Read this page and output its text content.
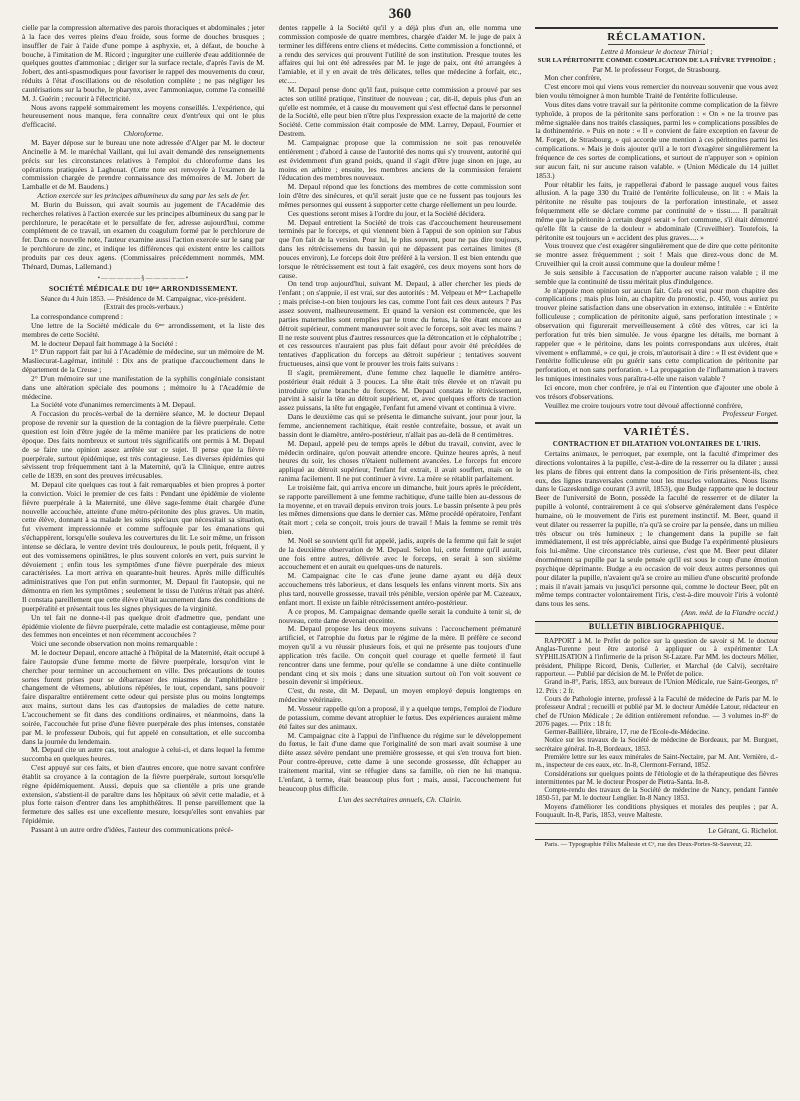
360

cielle par la compression alternative des parois thoraciques et abdominales ; jeter à la face des verres pleins d'eau froide, sous forme de douches brusques ; insuffler de l'air à l'aide d'une pompe à asphyxie, et, à défaut, de bouche à bouche, à l'imitation de M. Ricord ; ingurgiter une cuillerée d'eau additionnée de quelques gouttes d'ammoniac ; diriger sur la surface rectale, d'après l'avis de M. Jobert, des anti-spasmodiques pour favoriser le rappel des mouvements du cœur, réduits à l'état d'oscillations ou de résolution complète ; ne pas négliger les cautérisations sur la bouche, le pharynx, avec l'ammoniaque, comme l'a conseillé M. J. Guérin ; recourir à l'électricité.

Nous avons rappelé sommairement les moyens conseillés. L'expérience, qui heureusement nous manque, fera connaître ceux d'entr'eux qui ont le plus d'efficacité.

Chloroforme.

M. Bayer dépose sur le bureau une note adressée d'Alger par M. le docteur Ancinelle à M. le maréchal Vaillant, qui lui avait demandé des renseignements précis sur les circonstances relatives à l'emploi du chloroforme dans les opérations pratiquées à Laghouat. (Cette note est renvoyée à l'examen de la commission chargée de prendre connaissance des mémoires de M. Jobert de Lamballe et de M. Baudens.)

Action exercée sur les principes albumineux du sang par les sels de fer.

M. Burin du Buisson, qui avait soumis au jugement de l'Académie des recherches relatives à l'action exercée sur les principes albumineux du sang par le perchlorure, le peracétate et le persulfate de fer, adresse aujourd'hui, comme complément de ce travail, un examen du coagulum formé par le perchlorure de fer. Dans ce nouvelle note, l'auteur examine aussi l'action exercée sur le sang par le perchlorure de zinc, et indique les différences qui existent entre les caillots produits par ces deux agens. (Commissaires précédemment nommés, MM. Thénard, Dumas, Lallemand.)

•—————§—————•
SOCIÉTÉ MÉDICALE DU 10ᵐᵉ ARRONDISSEMENT.

Séance du 4 Juin 1853. — Présidence de M. Campaignac, vice-président.

(Extrait des procès-verbaux.)

La correspondance comprend :

Une lettre de la Société médicale du 6ᵐᵉ arrondissement, et la liste des membres de cette Société.

M. le docteur Depaul fait hommage à la Société :

1° D'un rapport fait par lui à l'Académie de médecine, sur un mémoire de M. Masliecurat-Lagémar, intitulé : Dix ans de pratique d'accouchement dans le département de la Creuse ;

2° D'un mémoire sur une manifestation de la syphilis congéniale consistant dans une altération spéciale des poumons ; mémoire lu à l'Académie de médecine.

La Société vote d'unanimes remerciments à M. Depaul.

A l'occasion du procès-verbal de la dernière séance, M. le docteur Depaul propose de revenir sur la question de la contagion de la fièvre puerpérale. Cette question est loin d'être jugée de la même manière par les praticiens de notre époque. Des faits nombreux et surtout très significatifs ont permis à M. Depaul de se faire une opinion assez arrêtée sur ce sujet. Il pense que la fièvre puerpérale, surtout épidémique, est très contagieuse. Les diverses épidémies qui sévissent trop fréquemment tant à la Maternité, qu'à la Clinique, entre autres celle de 1839, en sont des preuves irrécusables.

M. Depaul cite quelques cas tout à fait remarquables et bien propres à porter la conviction. Voici le premier de ces faits : Pendant une épidémie de violente fièvre puerpérale à la Maternité, une élève sage-femme était chargée d'une nouvelle accouchée, atteinte d'une métro-péritonite des plus graves. Un matin, cette élève, donnant à sa malade les soins spéciaux que nécessitait sa situation, fut vivement impressionnée et comme suffoquée par les émanations qui s'échappèrent, lorsqu'elle souleva les couvertures du lit. Le soir même, un frisson intense se déclara, le ventre devint très douloureux, le pouls petit, fréquent, il y eut des vomissemens opiniâtres, le plus souvent colorés en vert, puis survint le dévoiement ; enfin tous les symptômes d'une fièvre puerpérale des mieux caractérisées. La mort arriva en quarante-huit heures. Après mille difficultés administratives que l'on put enfin surmonter, M. Depaul fit l'autopsie, qui ne démontra en rien les symptômes ; seulement le tissu de l'utérus n'était pas altéré. Il constata pareillement que cette élève n'était aucunement dans des conditions de puerpéralité et présentait tous les signes physiques de la virginité.

Un tel fait ne donne-t-il pas quelque droit d'admettre que, pendant une épidémie violente de fièvre puerpérale, cette maladie est contagieuse, même pour des femmes non enceintes et non récemment accouchées ?

Voici une seconde observation non moins remarquable :

M. le docteur Depaul, encore attaché à l'hôpital de la Maternité, était occupé à faire l'autopsie d'une femme morte de fièvre puerpérale, lorsqu'on vint le chercher pour terminer un accouchement en ville. Des précautions de toutes sortes furent prises pour se débarrasser des miasmes de l'amphithéâtre : changement de vêtemens, ablutions répétées, le tout, cependant, sans pouvoir faire disparaître entièrement cette odeur qui persiste plus ou moins longtemps aux mains, surtout dans les cas d'autopsies de maladies de cette nature. L'accouchement se fit dans des conditions ordinaires, et néanmoins, dans la soirée, l'accouchée fut prise d'une fièvre puerpérale des plus intenses, constatée par M. le professeur Dubois, qui fut appelé en consultation, et elle succomba dans la journée du lendemain.

M. Depaul cite un autre cas, tout analogue à celui-ci, et dans lequel la femme succomba en quelques heures.

C'est appuyé sur ces faits, et bien d'autres encore, que notre savant confrère établit sa croyance à la contagion de la fièvre puerpérale, surtout lorsqu'elle règne épidémiquement. Aussi, depuis que sa clientèle a pris une grande extension, s'abstient-il de paraître dans les hôpitaux où sévit cette maladie, et à plus forte raison d'entrer dans les amphithéâtres. Il pense pareillement que la fermeture des salles est une excellente mesure, lorsqu'elles sont envahies par l'épidémie.

Passant à un autre ordre d'idées, l'auteur des communications précé-

dentes rappelle à la Société qu'il y a déjà plus d'un an, elle nomma une commission composée de quatre membres, chargée d'aider M. le juge de paix à terminer les différens entre cliens et médecins. Cette commission a fonctionné, et a rendu des services qui prouvent l'utilité de son institution. Presque toutes les affaires qui lui ont été adressées par M. le juge de paix, ont été arrangées à l'amiable, et il y en avait de très délicates, telles que médecine à forfait, etc., etc.....

M. Depaul pense donc qu'il faut, puisque cette commission a prouvé par ses actes son utilité pratique, l'instituer de nouveau ; car, dit-il, depuis plus d'un an qu'elle est nommée, et à cause du mouvement qui s'est effectué dans le personnel de la Société, elle peut bien n'être plus l'expression exacte de la majorité de cette Société. Cette commission était composée de MM. Larrey, Depaul, Fournier et Destrem.

M. Campaignac propose que la commission ne soit pas renouvelée entièrement ; d'abord à cause de l'autorité des noms qui s'y trouvent, autorité qui est évidemment d'un grand poids, quand il s'agit d'être juge sinon en juge, au moins en arbitre ; ensuite, les membres anciens de la commission feraient l'éducation des membres nouveaux.

M. Depaul répond que les fonctions des membres de cette commission sont loin d'être des sinécures, et qu'il serait juste que ce ne fussent pas toujours les mêmes personnes qui eussent à supporter cette charge réellement un peu lourde.

Ces questions seront mises à l'ordre du jour, et la Société décidera.

M. Depaul entretient la Société de trois cas d'accouchement heureusement terminés par le forceps, et qui viennent bien à l'appui de son opinion sur l'abus que l'on fait de la version. Pour lui, le plus souvent, pour ne pas dire toujours, dans les rétrécissemens du bassin qui ne dépassent pas certaines limites (8 pouces environ), Le forceps doit être préféré à la version. Il est bien entendu que lorsque le rétrécissement est tout à fait exagéré, ces deux moyens sont hors de cause.

On tend trop aujourd'hui, suivant M. Depaul, à aller chercher les pieds de l'enfant ; on s'appuie, il est vrai, sur des autorités : M. Velpeau et Mᵐᵉ Lachapelle ; mais précise-t-on bien toujours les cas, comme l'ont fait ces deux auteurs ? Pas assez souvent, malheureusement. Et quand la version est commencée, que les parties maternelles sont remplies par le tronc du fœtus, la tête étant encore au détroit supérieur, comment manœuvrer soit avec le forceps, soit avec les mains ? Il ne reste souvent plus d'autres ressources que la détroncation et le céphalotribe ; et ces ressources n'auraient pas plus fait défaut pour avoir été précédées de tentatives d'application du forceps au détroit supérieur ; tentatives souvent fructueuses, ainsi que vont le prouver les trois faits suivans :

Il s'agit, premièrement, d'une femme chez laquelle le diamètre antéro-postérieur était réduit à 3 pouces. La tête était très élevée et on n'avait pu introduire qu'une branche du forceps. M. Depaul constata le rétrécissement, parvint à saisir la tête au détroit supérieur, et, avec quelques efforts de traction assez puissans, la tête fut engagée, l'enfant fut amené vivant et continua à vivre.

Dans le deuxième cas qui se présenta le dimanche suivant, jour pour jour, la femme, anciennement rachitique, était restée contrefaite, bossue, et avait un bassin dont le diamètre, antéro-postérieur, n'allait pas au-delà de 8 centimètres.

M. Depaul, appelé peu de temps après le début du travail, convint, avec le médecin ordinaire, qu'on pouvait attendre encore. Quinze heures après, à neuf heures du soir, les choses n'étaient nullement avancées. Le forceps fut encore appliqué au détroit supérieur, l'enfant fut extrait, il avait souffert, mais on le ranima facilement. Il ne put continuer à vivre. La mère se rétablit parfaitement.

Le troisième fait, qui arriva encore un dimanche, huit jours après le précédent, se rapporte pareillement à une femme rachitique, d'une taille bien au-dessous de la moyenne, et en travail depuis environ trois jours. Le bassin présente à peu près les mêmes dimensions que dans le dernier cas. Même procédé opératoire, l'enfant était mort ; cela se conçoit, trois jours de travail ! Mais la femme se remit très bien.

M. Noël se souvient qu'il fut appelé, jadis, auprès de la femme qui fait le sujet de la deuxième observation de M. Depaul. Selon lui, cette femme qu'il aurait, une fois entre autres, délivrée avec le forceps, en serait à son sixième accouchement et en aurait eu quelques-uns de naturels.

M. Campaignac cite le cas d'une jeune dame ayant eu déjà deux accouchemens très laborieux, et dans lesquels les enfans vinrent morts. Six ans plus tard, nouvelle grossesse, travail très pénible, version opérée par M. Cazeaux, enfant mort. Il existe un faible rétrécissement antéro-postérieur.

A ce propos, M. Campaignac demande quelle serait la conduite à tenir si, de nouveau, cette dame devenait enceinte.

M. Depaul propose les deux moyens suivans : l'accouchement prématuré artificiel, et l'atrophie du fœtus par le régime de la mère. Il préfère ce second moyen qu'il a vu réussir plusieurs fois, et qui ne présente pas toujours d'une application très facile. On conçoit quel courage et quelle fermeté il faut rencontrer dans une femme, pour qu'elle se condamne à une diète continuelle pendant cinq et six mois ; dans une situation surtout où l'on voit souvent ce besoin devenir si impérieux.

C'est, du reste, dit M. Depaul, un moyen employé depuis longtemps en médecine vétérinaire.

M. Vosseur rappelle qu'on a proposé, il y a quelque temps, l'emploi de l'iodure de potassium, comme devant atrophier le fœtus. Des expériences auraient même été faites sur des animaux.

M. Campaignac cite à l'appui de l'influence du régime sur le développement du fœtus, le fait d'une dame que l'originalité de son mari avait soumise à une diète assez sévère pendant une première grossesse, et qui s'en trouva fort bien. Pour contre-épreuve, cette dame à une seconde grossesse, dût échapper au traitement marital, vint se réfugier dans sa famille, où rien ne lui manqua. L'enfant, à terme, était beaucoup plus fort ; mais, aussi, l'accouchement fut beaucoup plus difficile.

L'un des secrétaires annuels, Ch. Clairin.

RÉCLAMATION.

Lettre à Monsieur le docteur Thirial ;

SUR LA PÉRITONITE COMME COMPLICATION DE LA FIÈVRE TYPHOÏDE ;

Par M. le professeur Forget, de Strasbourg.

Mon cher confrère,

C'est encore moi qui viens vous remercier du nouveau souvenir que vous avez bien voulu témoigner à mon humble Traité de l'entérite folliculeuse.

Vous dites dans votre travail sur la péritonite comme complication de la fièvre typhoïde, à propos de la péritonite sans perforation : « On » ne la trouve pas même signalée dans nos traités classiques, parmi les » complications possibles de la dothinentérie. » Puis en note : « Il » convient de faire exception en faveur de M. Forget, de Strasbourg, » qui accorde une mention à ces péritonites parmi les complications. » Mais je dois ajouter qu'il a le tort d'exagérer singulièrement la fréquence de ces sortes de complications, et surtout de n'appuyer son » opinion sur aucun fait, ni sur aucune raison valable. » (Union Médicale du 14 juillet 1853.)

Pour rétablir les faits, je rappellerai d'abord le passage auquel vous faites allusion. A la page 330 du Traité de l'entérite folliculeuse, on lit : « Mais la péritonite ne résulte pas toujours de la perforation intestinale, et assez fréquemment elle se déclare comme par continuité de » tissu..... Il paraîtrait même que la péritonite à certain degré serait » fort commune, s'il était démontré qu'elle fût la cause de la douleur » abdominale (Cruveilhier). Toutefois, la péritonite est toujours un » accident des plus graves..... »

Vous trouvez que c'est exagérer singulièrement que de dire que cette péritonite se montre assez fréquemment ; soit ! Mais que direz-vous donc de M. Cruveilhier qui la croit aussi commune que la douleur même !

Je suis sensible à l'accusation de n'apporter aucune raison valable ; il me semble que la continuité de tissu méritait plus d'indulgence.

Je n'appuie mon opinion sur aucun fait. Cela est vrai pour mon chapitre des complications ; mais plus loin, au chapitre du pronostic, p. 450, vous auriez pu trouver pleine satisfaction dans une observation in extenso, intitulée : « Entérite folliculeuse ; complication de péritonite aiguë, sans perforation intestinale ; » observation qui figurerait merveilleusement à côté des vôtres, car ici la perforation fut très bien simulée. Je vous épargne les détails, me bornant à rappeler que « le péritoine, dans les points correspondans aux ulcères, était vivement » enflammé, » ce qui, je crois, m'autorisait à dire : « Il est évident que » l'entérite folliculeuse eût pu guérir sans cette complication de péritonite par perforation, et non sans perforation. » La propagation de l'inflammation à travers les tuniques intestinales vous paraîtra-t-elle une raison valable ?

Ici encore, mon cher confrère, je n'ai eu l'intention que d'ajouter une obole à vos trésors d'observations.

Veuillez me croire toujours votre tout dévoué affectionné confrère,

Professeur Forget.

VARIÉTÉS.
CONTRACTION ET DILATATION VOLONTAIRES DE L'IRIS.

Certains animaux, le perroquet, par exemple, ont la faculté d'imprimer des directions volontaires à la pupille, c'est-à-dire de la resserrer ou la dilater ; aussi les plans de fibres qui entrent dans la composition de l'iris présentent-ils, chez eux, des lignes transversales comme tout les muscles volontaires. Nous lisons dans le Gazeskundige courant (3 avril, 1853), que Budge rapporte que le docteur Beer de l'université de Bonn, possède la faculté de resserrer et de dilater la pupille à volonté, contrairement à ce qui s'observe généralement dans l'espèce humaine, où le mouvement de l'iris est purement instinctif. M. Beer, quand il veut dilater ou resserrer la pupille, n'a qu'à se croire par la pensée, dans un milieu très obscur ou très lumineux ; le changement dans la pupille se fait immédiatement, il est très appréciable, ainsi que Budge l'a expérimenté plusieurs fois lui-même. Une circonstance très curieuse, c'est que M. Beer peut dilater énormément sa pupille par la seule pensée qu'il est sous le coup d'une émotion psychique déprimante. Budge a eu occasion de voir deux autres personnes qui pour dilater la pupille, n'avaient qu'à se croire au milieu d'une obscurité profonde ; mais il n'avait jamais vu jusqu'ici personne qui, comme le docteur Beer, pût en même temps contracter volontairement l'iris, c'est-à-dire mouvoir l'iris à volonté dans tous les sens.

(Ann. méd. de la Flandre occid.)

BULLETIN BIBLIOGRAPHIQUE.

RAPPORT à M. le Préfet de police sur la question de savoir si M. le docteur Anglas-Turenne peut être autorisé à appliquer ou à expérimenter LA SYPHILISATION à l'infirmerie de la prison St-Lazare. Par MM. les docteurs Mélier, président, Philippe Ricord, Denis, Cullerier, et Marchal (de Calvi), secrétaire rapporteur. — Publié par décision de M. le Préfet de police.

Grand in-8°, Paris, 1853, aux bureaux de l'Union Médicale, rue Saint-Georges, n° 12. Prix : 2 fr.

Cours de Pathologie interne, professé à la Faculté de médecine de Paris par M. le professeur Andral ; recueilli et publié par M. le docteur Amédée Latour, rédacteur en chef de l'Union Médicale ; 2e édition entièrement refondue. — 3 volumes in-8° de 2076 pages. — Prix : 18 fr.

Germer-Baillière, libraire, 17, rue de l'Ecole-de-Médecine.

Notice sur les travaux de la Société de médecine de Bordeaux, par M. Burguet, secrétaire général. In-8, Bordeaux, 1853.

Première lettre sur les eaux minérales de Saint-Nectaire, par M. Ant. Vernière, d.-m., inspecteur de ces eaux, etc. In-8, Clermont-Ferrand, 1852.

Considérations sur quelques points de l'étiologie et de la thérapeutique des fièvres intermittentes par M. le docteur Prosper de Pietra-Santa. In-8.

Compte-rendu des travaux de la Société de médecine de Nancy, pendant l'année 1850-51, par M. le docteur Lenglier. In-8 Nancy 1853.

Moyens d'améliorer les conditions physiques et morales des peuples ; par A. Fouquault. In-8, Paris, 1853, veuve Malteste.

Le Gérant, G. Richelot.

Paris. — Typographie Félix Malteste et Cᵉ, rue des Deux-Portes-St-Sauveur, 22.
